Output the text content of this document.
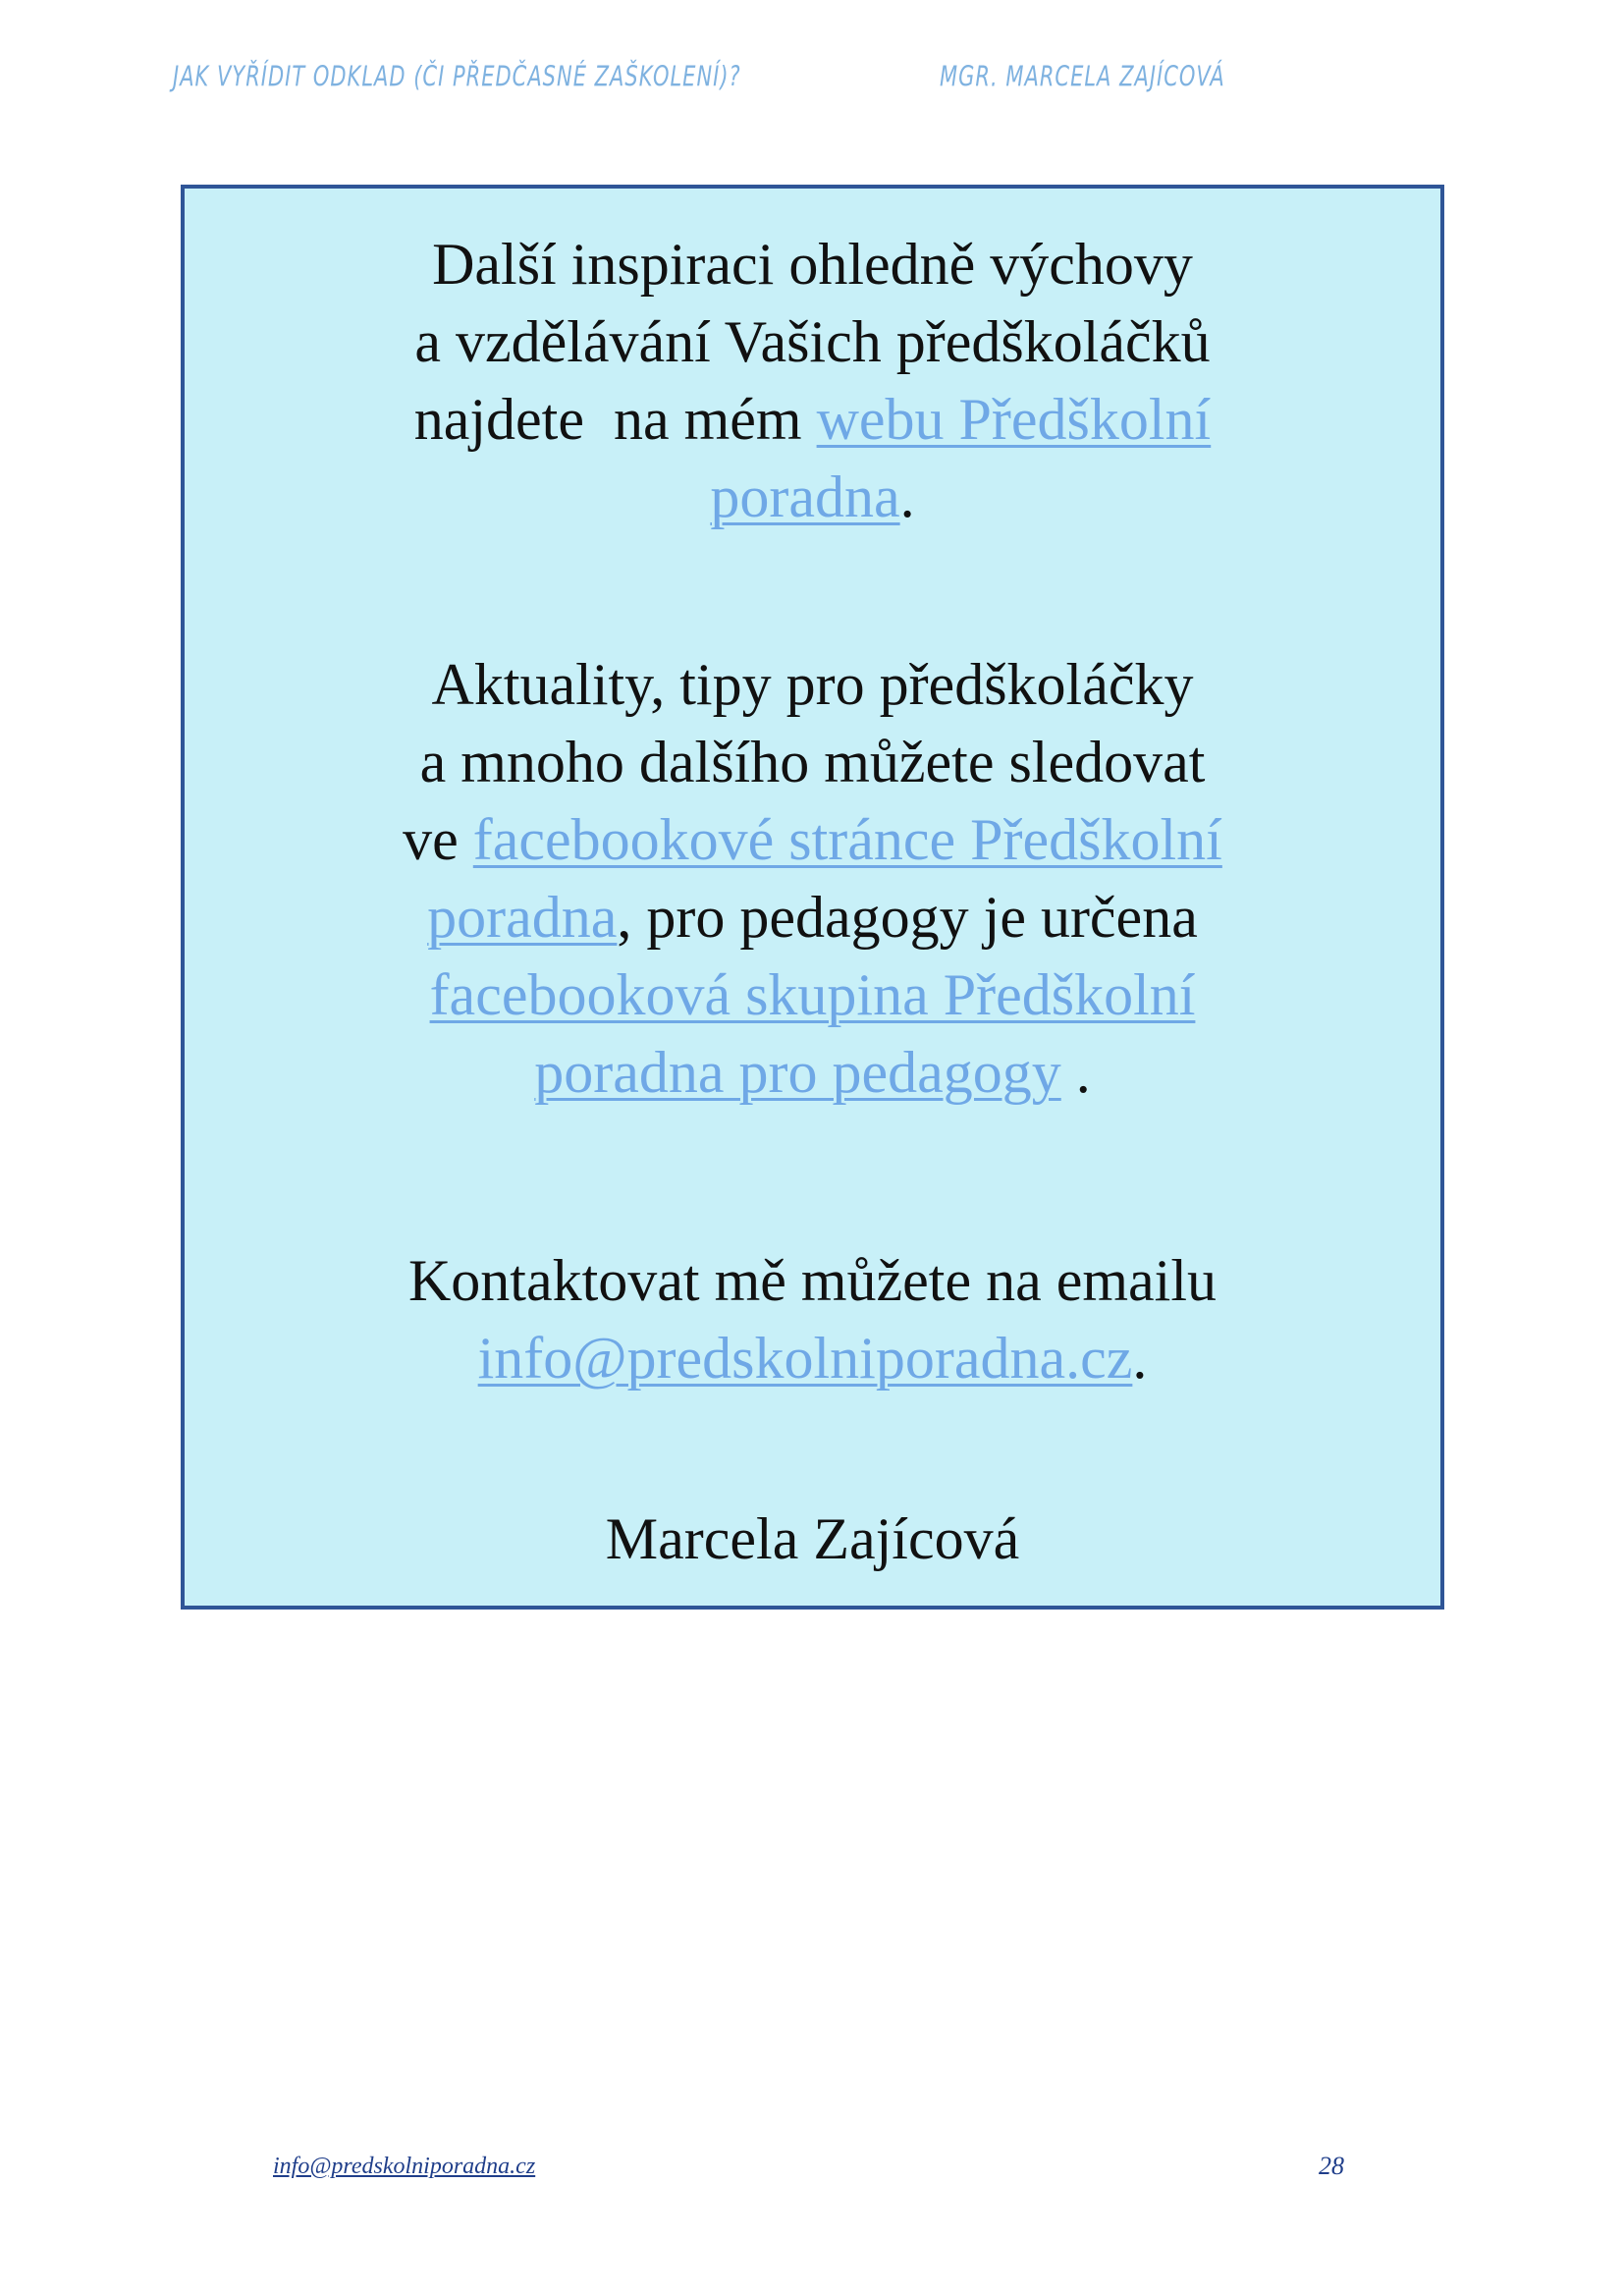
JAK VYŘÍDIT ODKLAD (ČI PŘEDČASNÉ ZAŠKOLENÍ)?	MGR. MARCELA ZAJÍCOVÁ
Další inspiraci ohledně výchovy
a vzdělávání Vašich předškoláčků
najdete  na mém webu Předškolní
poradna.
Aktuality, tipy pro předškoláčky
a mnoho dalšího můžete sledovat
ve facebookové stránce Předškolní
poradna, pro pedagogy je určena
facebooková skupina Předškolní
poradna pro pedagogy .
Kontaktovat mě můžete na emailu
info@predskolniporadna.cz.
Marcela Zajícová
info@predskolniporadna.cz	28
